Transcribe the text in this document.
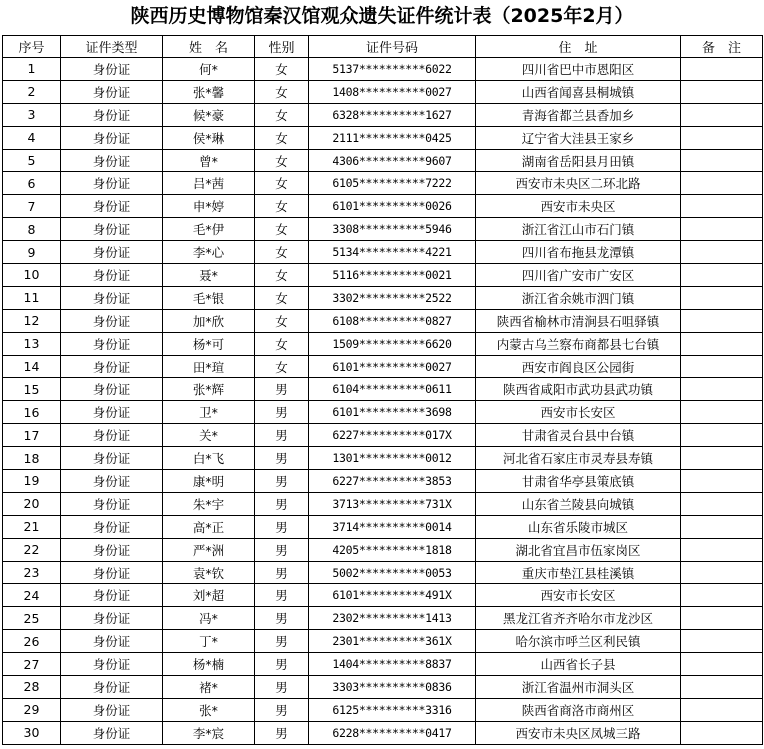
陕西历史博物馆秦汉馆观众遗失证件统计表（2025年2月）
序号	证件类型	姓　名	性别	证件号码	住　址	备　注
1	身份证	何*	女	5137**********6022	四川省巴中市恩阳区	
2	身份证	张*馨	女	1408**********0027	山西省闻喜县桐城镇	
3	身份证	候*豪	女	6328**********1627	青海省都兰县香加乡	
4	身份证	侯*琳	女	2111**********0425	辽宁省大洼县王家乡	
5	身份证	曾*	女	4306**********9607	湖南省岳阳县月田镇	
6	身份证	吕*茜	女	6105**********7222	西安市未央区二环北路	
7	身份证	申*婷	女	6101**********0026	西安市未央区	
8	身份证	毛*伊	女	3308**********5946	浙江省江山市石门镇	
9	身份证	李*心	女	5134**********4221	四川省布拖县龙潭镇	
10	身份证	聂*	女	5116**********0021	四川省广安市广安区	
11	身份证	毛*银	女	3302**********2522	浙江省余姚市泗门镇	
12	身份证	加*欣	女	6108**********0827	陕西省榆林市清涧县石咀驿镇	
13	身份证	杨*可	女	1509**********6620	内蒙古乌兰察布商都县七台镇	
14	身份证	田*瑄	女	6101**********0027	西安市阎良区公园街	
15	身份证	张*辉	男	6104**********0611	陕西省咸阳市武功县武功镇	
16	身份证	卫*	男	6101**********3698	西安市长安区	
17	身份证	关*	男	6227**********017X	甘肃省灵台县中台镇	
18	身份证	白*飞	男	1301**********0012	河北省石家庄市灵寿县寿镇	
19	身份证	康*明	男	6227**********3853	甘肃省华亭县策底镇	
20	身份证	朱*宇	男	3713**********731X	山东省兰陵县向城镇	
21	身份证	高*正	男	3714**********0014	山东省乐陵市城区	
22	身份证	严*洲	男	4205**********1818	湖北省宜昌市伍家岗区	
23	身份证	袁*钦	男	5002**********0053	重庆市垫江县桂溪镇	
24	身份证	刘*超	男	6101**********491X	西安市长安区	
25	身份证	冯*	男	2302**********1413	黑龙江省齐齐哈尔市龙沙区	
26	身份证	丁*	男	2301**********361X	哈尔滨市呼兰区利民镇	
27	身份证	杨*楠	男	1404**********8837	山西省长子县	
28	身份证	褚*	男	3303**********0836	浙江省温州市洞头区	
29	身份证	张*	男	6125**********3316	陕西省商洛市商州区	
30	身份证	李*宸	男	6228**********0417	西安市未央区凤城三路	
